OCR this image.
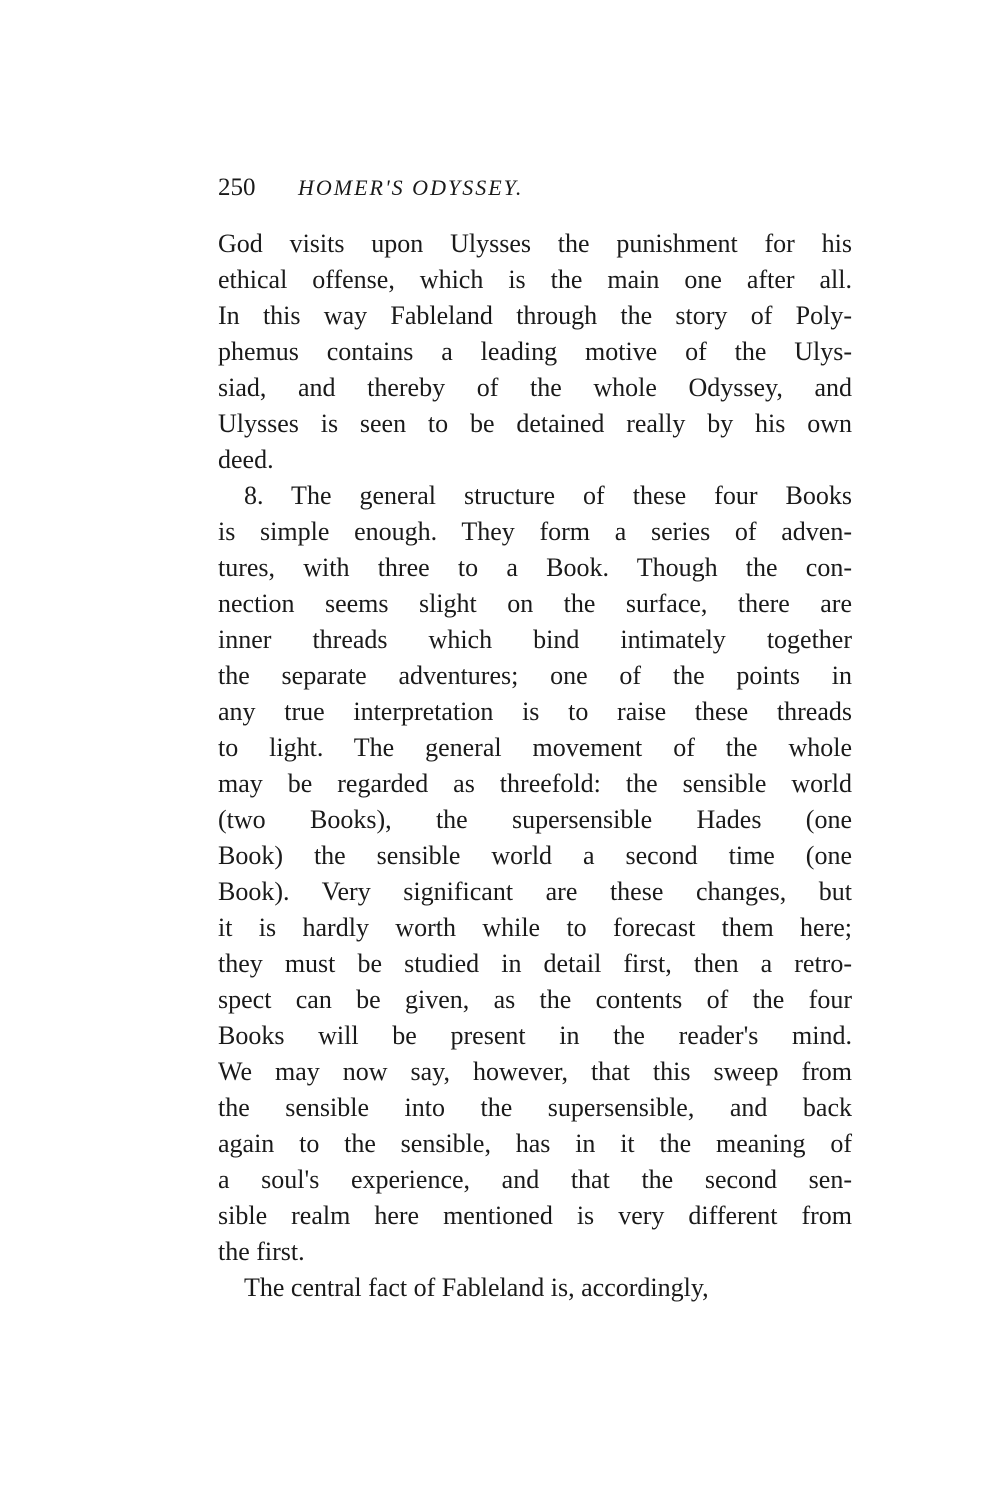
250 HOMER'S ODYSSEY.
God visits upon Ulysses the punishment for his
ethical offense, which is the main one after all.
In this way Fableland through the story of Poly-
phemus contains a leading motive of the Ulys-
siad, and thereby of the whole Odyssey, and
Ulysses is seen to be detained really by his own
deed.
8. The general structure of these four Books
is simple enough. They form a series of adven-
tures, with three to a Book. Though the con-
nection seems slight on the surface, there are
inner threads which bind intimately together
the separate adventures; one of the points in
any true interpretation is to raise these threads
to light. The general movement of the whole
may be regarded as threefold: the sensible world
(two Books), the supersensible Hades (one
Book) the sensible world a second time (one
Book). Very significant are these changes, but
it is hardly worth while to forecast them here;
they must be studied in detail first, then a retro-
spect can be given, as the contents of the four
Books will be present in the reader's mind.
We may now say, however, that this sweep from
the sensible into the supersensible, and back
again to the sensible, has in it the meaning of
a soul's experience, and that the second sen-
sible realm here mentioned is very different from
the first.
The central fact of Fableland is, accordingly,
